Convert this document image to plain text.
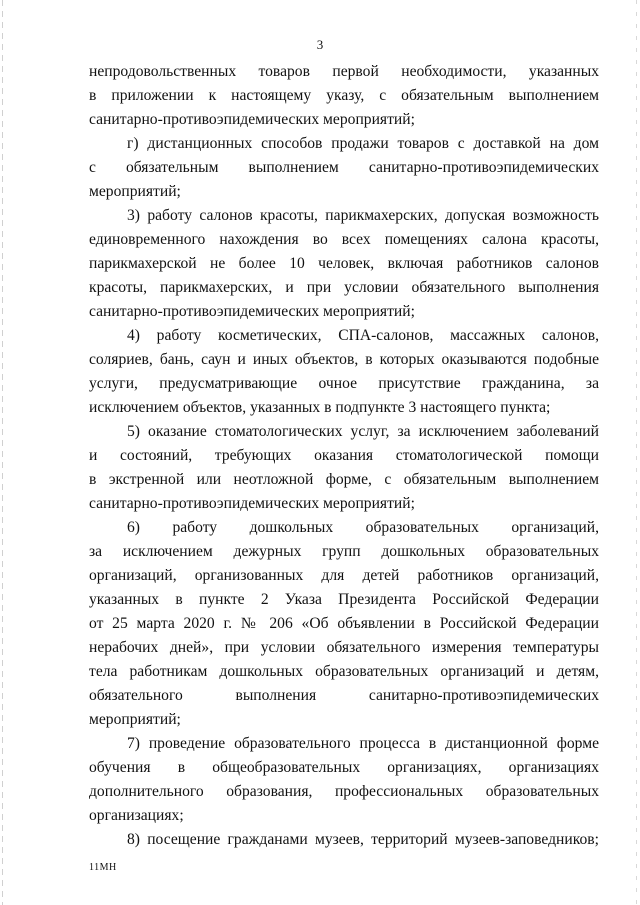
3
непродовольственных товаров первой необходимости, указанных
в приложении к настоящему указу, с обязательным выполнением
санитарно-противоэпидемических мероприятий;
г) дистанционных способов продажи товаров с доставкой на дом
с обязательным выполнением санитарно-противоэпидемических
мероприятий;
3) работу салонов красоты, парикмахерских, допуская возможность
единовременного нахождения во всех помещениях салона красоты,
парикмахерской не более 10 человек, включая работников салонов
красоты, парикмахерских, и при условии обязательного выполнения
санитарно-противоэпидемических мероприятий;
4) работу косметических, СПА-салонов, массажных салонов,
соляриев, бань, саун и иных объектов, в которых оказываются подобные
услуги, предусматривающие очное присутствие гражданина, за
исключением объектов, указанных в подпункте 3 настоящего пункта;
5) оказание стоматологических услуг, за исключением заболеваний
и состояний, требующих оказания стоматологической помощи
в экстренной или неотложной форме, с обязательным выполнением
санитарно-противоэпидемических мероприятий;
6) работу дошкольных образовательных организаций,
за исключением дежурных групп дошкольных образовательных
организаций, организованных для детей работников организаций,
указанных в пункте 2 Указа Президента Российской Федерации
от 25 марта 2020 г. № 206 «Об объявлении в Российской Федерации
нерабочих дней», при условии обязательного измерения температуры
тела работникам дошкольных образовательных организаций и детям,
обязательного выполнения санитарно-противоэпидемических
мероприятий;
7) проведение образовательного процесса в дистанционной форме
обучения в общеобразовательных организациях, организациях
дополнительного образования, профессиональных образовательных
организациях;
8) посещение гражданами музеев, территорий музеев-заповедников;
11МН
